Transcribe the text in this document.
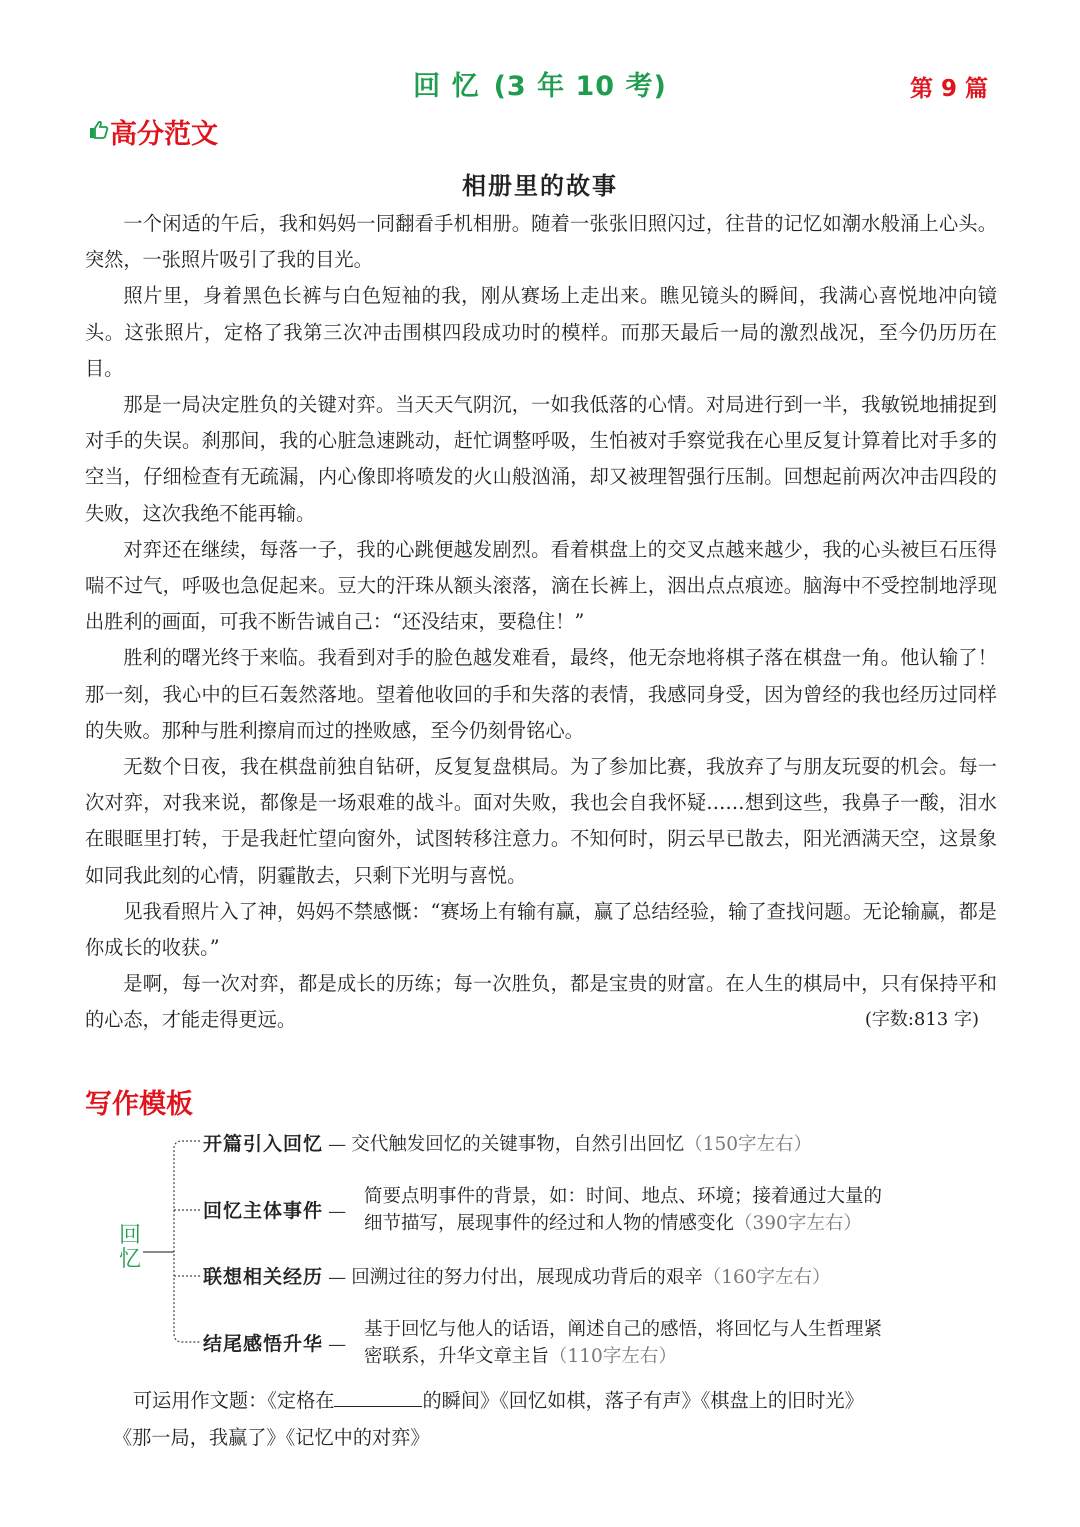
回 忆 (3 年 10 考)	第 9 篇
高分范文
相册里的故事

一个闲适的午后，我和妈妈一同翻看手机相册。随着一张张旧照闪过，往昔的记忆如潮水般涌上心头。突然，一张照片吸引了我的目光。

照片里，身着黑色长裤与白色短袖的我，刚从赛场上走出来。瞧见镜头的瞬间，我满心喜悦地冲向镜头。这张照片，定格了我第三次冲击围棋四段成功时的模样。而那天最后一局的激烈战况，至今仍历历在目。

那是一局决定胜负的关键对弈。当天天气阴沉，一如我低落的心情。对局进行到一半，我敏锐地捕捉到对手的失误。刹那间，我的心脏急速跳动，赶忙调整呼吸，生怕被对手察觉我在心里反复计算着比对手多的空当，仔细检查有无疏漏，内心像即将喷发的火山般汹涌，却又被理智强行压制。回想起前两次冲击四段的失败，这次我绝不能再输。

对弈还在继续，每落一子，我的心跳便越发剧烈。看着棋盘上的交叉点越来越少，我的心头被巨石压得喘不过气，呼吸也急促起来。豆大的汗珠从额头滚落，滴在长裤上，洇出点点痕迹。脑海中不受控制地浮现出胜利的画面，可我不断告诫自己：“还没结束，要稳住！”

胜利的曙光终于来临。我看到对手的脸色越发难看，最终，他无奈地将棋子落在棋盘一角。他认输了！那一刻，我心中的巨石轰然落地。望着他收回的手和失落的表情，我感同身受，因为曾经的我也经历过同样的失败。那种与胜利擦肩而过的挫败感，至今仍刻骨铭心。

无数个日夜，我在棋盘前独自钻研，反复复盘棋局。为了参加比赛，我放弃了与朋友玩耍的机会。每一次对弈，对我来说，都像是一场艰难的战斗。面对失败，我也会自我怀疑……想到这些，我鼻子一酸，泪水在眼眶里打转，于是我赶忙望向窗外，试图转移注意力。不知何时，阴云早已散去，阳光洒满天空，这景象如同我此刻的心情，阴霾散去，只剩下光明与喜悦。

见我看照片入了神，妈妈不禁感慨：“赛场上有输有赢，赢了总结经验，输了查找问题。无论输赢，都是你成长的收获。”

是啊，每一次对弈，都是成长的历练；每一次胜负，都是宝贵的财富。在人生的棋局中，只有保持平和的心态，才能走得更远。	(字数:813 字)

写作模板
回忆
开篇引入回忆 — 交代触发回忆的关键事物，自然引出回忆（150字左右）
回忆主体事件 —
简要点明事件的背景，如：时间、地点、环境；接着通过大量的
细节描写，展现事件的经过和人物的情感变化（390字左右）
联想相关经历 — 回溯过往的努力付出，展现成功背后的艰辛（160字左右）
结尾感悟升华 —
基于回忆与他人的话语，阐述自己的感悟，将回忆与人生哲理紧
密联系，升华文章主旨（110字左右）
可运用作文题：《定格在	的瞬间》《回忆如棋，落子有声》《棋盘上的旧时光》
《那一局，我赢了》《记忆中的对弈》
